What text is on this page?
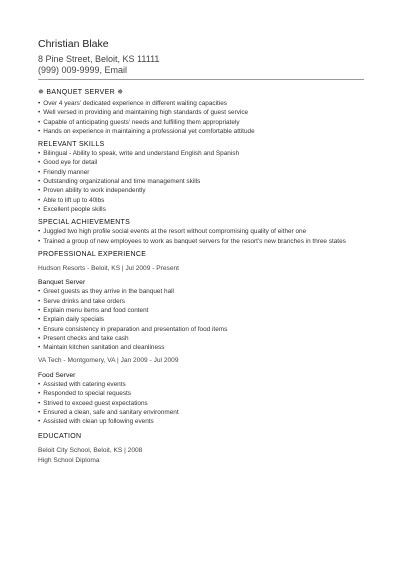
Christian Blake
8 Pine Street, Beloit, KS 11111
(999) 009-9999, Email
✵ BANQUET SERVER ✵
• Over 4 years' dedicated experience in different waiting capacities
• Well versed in providing and maintaining high standards of guest service
• Capable of anticipating guests' needs and fulfilling them appropriately
• Hands on experience in maintaining a professional yet comfortable attitude
RELEVANT SKILLS
• Bilingual - Ability to speak, write and understand English and Spanish
• Good eye for detail
• Friendly manner
• Outstanding organizational and time management skills
• Proven ability to work independently
• Able to lift up to 40lbs
• Excellent people skills
SPECIAL ACHIEVEMENTS
• Juggled two high profile social events at the resort without compromising quality of either one
• Trained a group of new employees to work as banquet servers for the resort's new branches in three states
PROFESSIONAL EXPERIENCE
Hudson Resorts - Beloit, KS | Jul 2009 - Present
Banquet Server
• Greet guests as they arrive in the banquet hall
• Serve drinks and take orders
• Explain menu items and food content
• Explain daily specials
• Ensure consistency in preparation and presentation of food items
• Present checks and take cash
• Maintain kitchen sanitation and cleanliness
VA Tech - Montgomery, VA | Jan 2009 - Jul 2009
Food Server
• Assisted with catering events
• Responded to special requests
• Strived to exceed guest expectations
• Ensured a clean, safe and sanitary environment
• Assisted with clean up following events
EDUCATION
Beloit City School, Beloit, KS | 2008
High School Diploma
